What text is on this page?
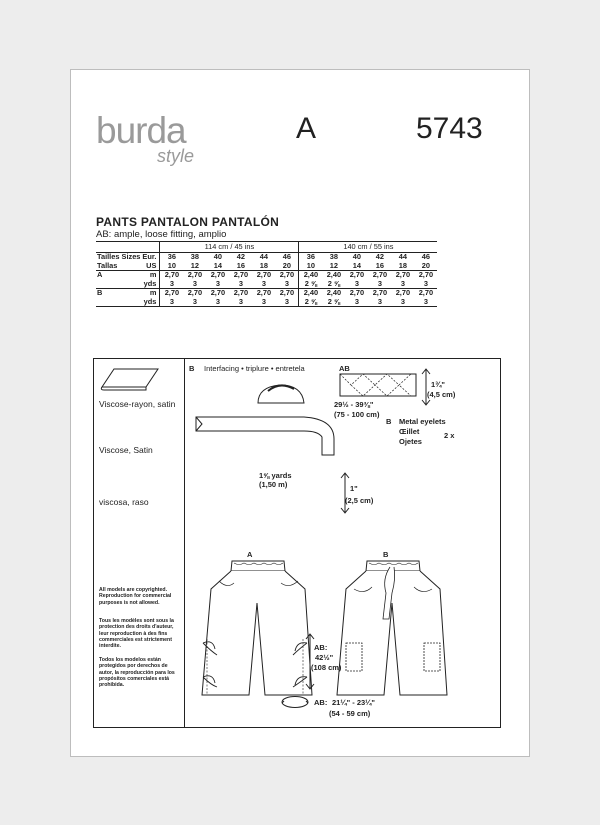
burda
style
A	5743
PANTS PANTALON PANTALÓN
AB: ample, loose fitting, amplio
		114 cm / 45 ins						140 cm / 55 ins					
Tailles Sizes	Eur.	36	38	40	42	44	46	36	38	40	42	44	46
Tallas	US	10	12	14	16	18	20	10	12	14	16	18	20
A	m	2,70	2,70	2,70	2,70	2,70	2,70	2,40	2,40	2,70	2,70	2,70	2,70
	yds	3	3	3	3	3	3	2 ⅝	2 ⅝	3	3	3	3
B	m	2,70	2,70	2,70	2,70	2,70	2,70	2,40	2,40	2,70	2,70	2,70	2,70
	yds	3	3	3	3	3	3	2 ⅝	2 ⅝	3	3	3	3
Viscose-rayon, satin
Viscose, Satin
viscosa, raso
All models are copyrighted. Reproduction for commercial purposes is not allowed.
Tous les modèles sont sous la protection des droits d'auteur, leur reproduction à des fins commerciales est strictement interdite.
Todos los modelos están protegidos por derechos de autor, la reproducción para los propósitos comerciales está prohibida.
B Interfacing • triplure • entretela
1⅝ yards
(1,50 m)	1"
(2,5 cm)
AB
1¾"
(4,5 cm)
29½ - 39⅜"
(75 - 100 cm)
B Metal eyelets
Œillet
Ojetes
2 x
A	B
AB:
42½"
(108 cm)
AB: 21¼" - 23¼"
(54 - 59 cm)
